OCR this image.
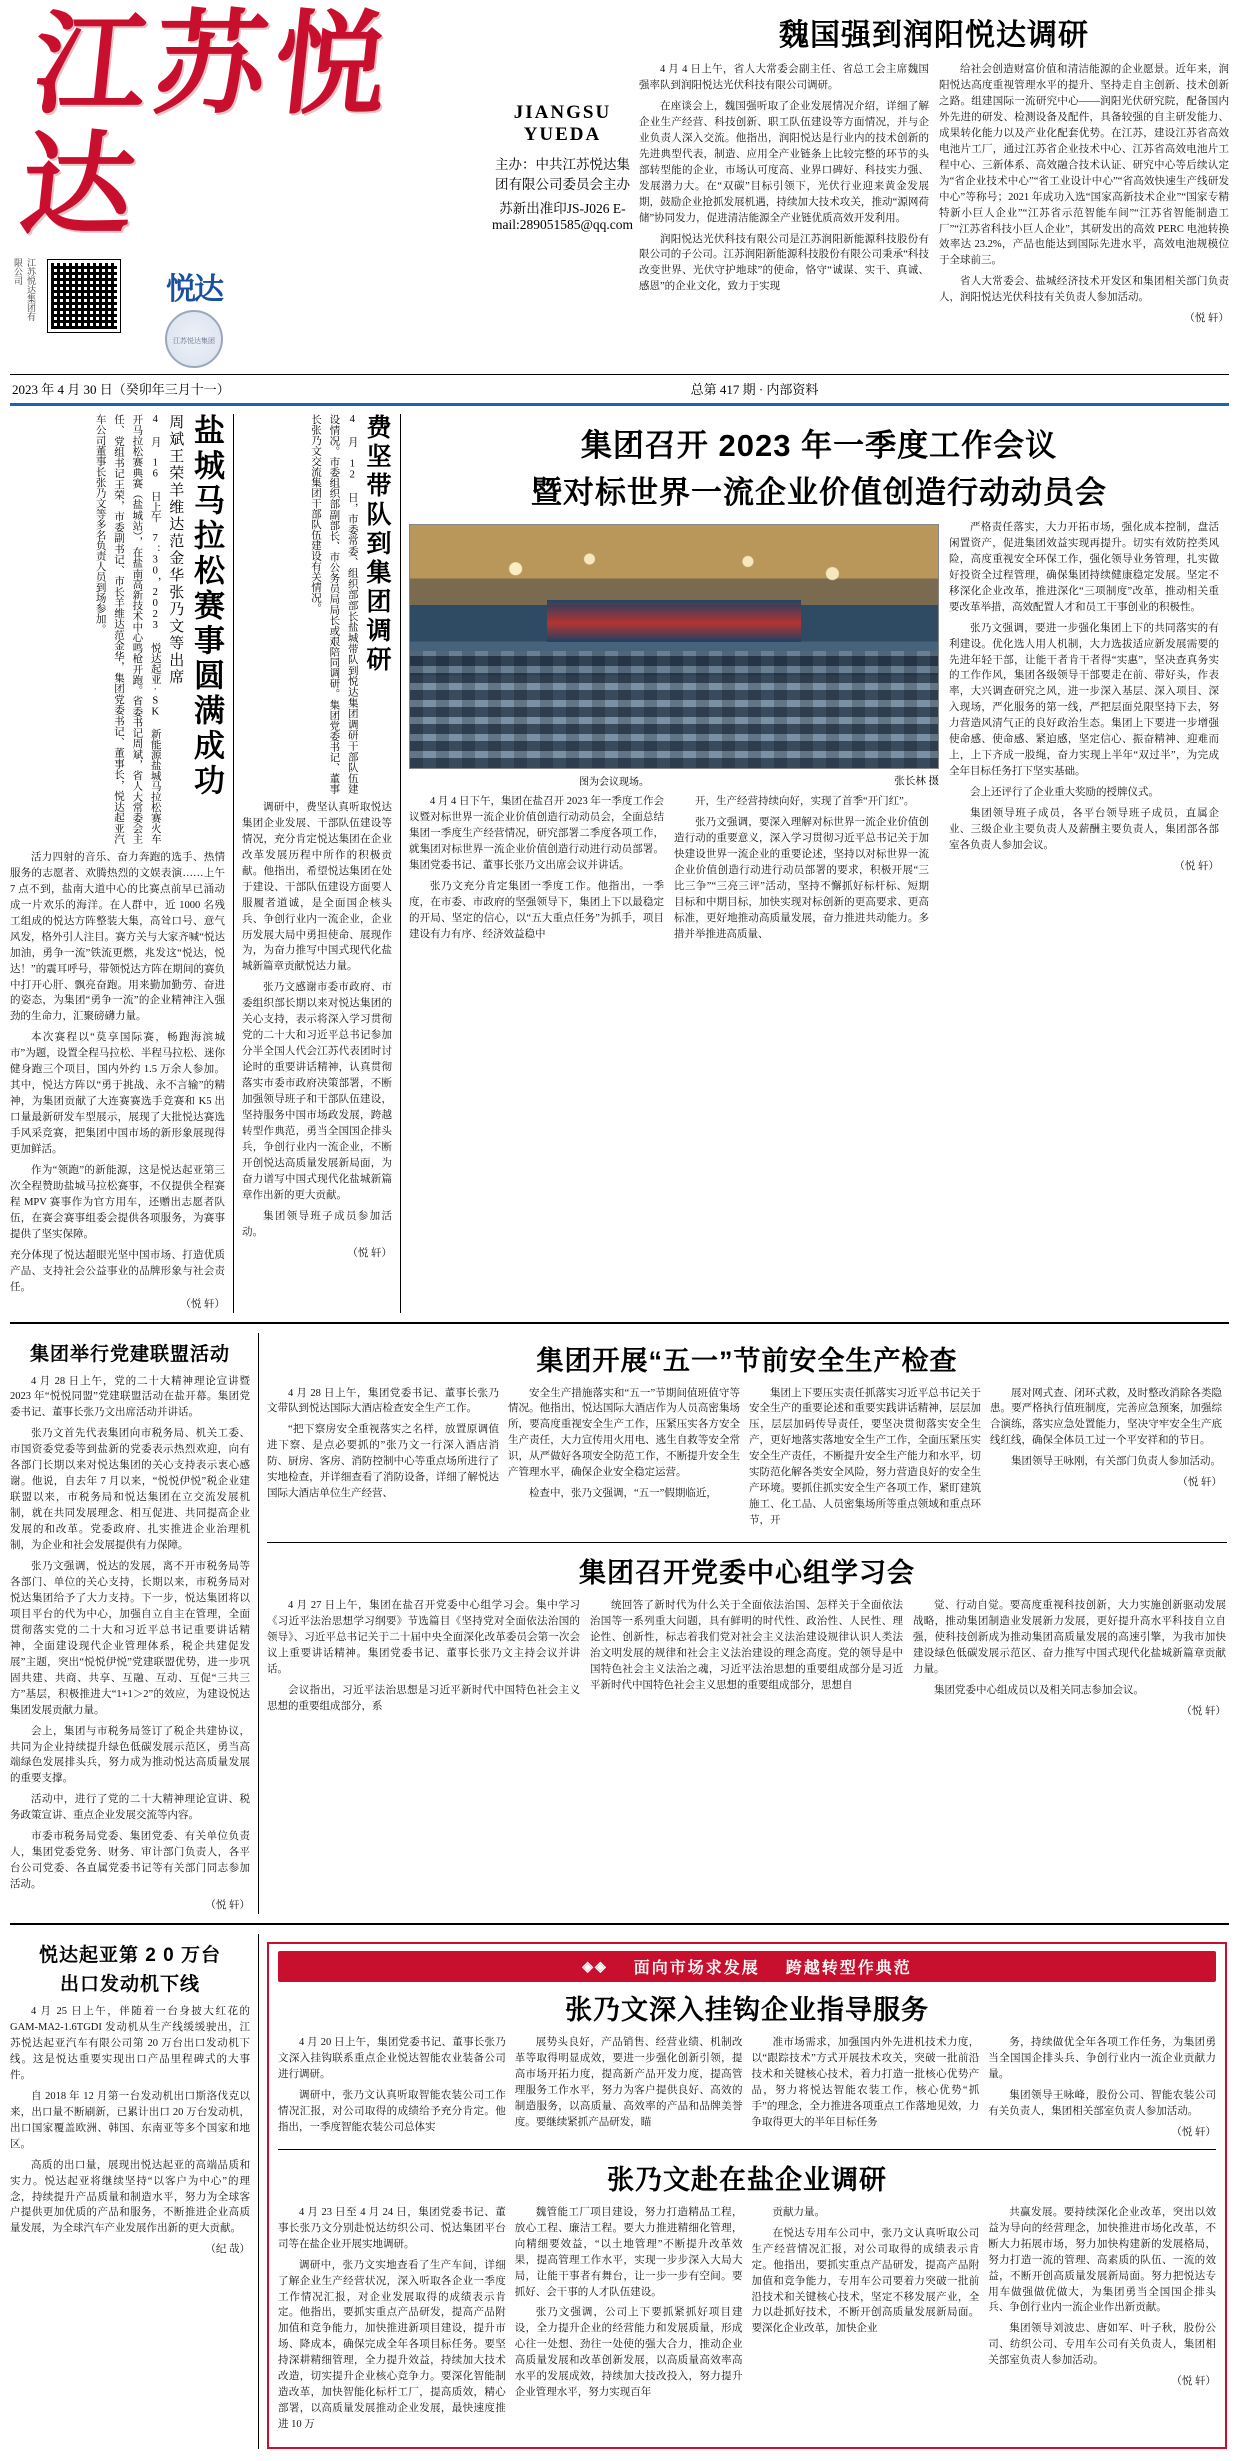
江苏悦达
江苏悦达集团有限公司
悦达
江苏悦达集团
JIANGSU YUEDA
主办：中共江苏悦达集团有限公司委员会主办
苏新出准印JS-J026 E-mail:289051585@qq.com
魏国强到润阳悦达调研

4 月 4 日上午，省人大常委会副主任、省总工会主席魏国强率队到润阳悦达光伏科技有限公司调研。

在座谈会上，魏国强听取了企业发展情况介绍，详细了解企业生产经营、科技创新、职工队伍建设等方面情况，并与企业负责人深入交流。他指出，润阳悦达是行业内的技术创新的先进典型代表，制造、应用全产业链条上比较完整的环节的头部转型能的企业，市场认可度高、业界口碑好、科技实力强、发展潜力大。在“双碳”目标引领下，光伏行业迎来黄金发展期，鼓励企业抢抓发展机遇，持续加大技术攻关，推动“源网荷储”协同发力，促进清洁能源全产业链优质高效开发利用。

润阳悦达光伏科技有限公司是江苏润阳新能源科技股份有限公司的子公司。江苏润阳新能源科技股份有限公司秉承“科技改变世界、光伏守护地球”的使命，恪守“诚谋、实干、真诚、感恩”的企业文化，致力于实现

给社会创造财富价值和清洁能源的企业愿景。近年来，润阳悦达高度重视管理水平的提升、坚持走自主创新、技术创新之路。组建国际一流研究中心——润阳光伏研究院，配备国内外先进的研发、检测设备及配件，具备较强的自主研发能力、成果转化能力以及产业化配套优势。在江苏，建设江苏省高效电池片工厂，通过江苏省企业技术中心、江苏省高效电池片工程中心、三新体系、高效融合技术认证、研究中心等后续认定为“省企业技术中心”“省工业设计中心”“省高效快速生产线研发中心”等称号；2021 年成功入选“国家高新技术企业”“国家专精特新小巨人企业”“江苏省示范智能车间”“江苏省智能制造工厂”“江苏省科技小巨人企业”，其研发出的高效 PERC 电池转换效率达 23.2%，产品也能达到国际先进水平，高效电池规模位于全球前三。

省人大常委会、盐城经济技术开发区和集团相关部门负责人，润阳悦达光伏科技有关负责人参加活动。

（悦 轩）
2023 年 4 月 30 日（癸卯年三月十一）	总第 417 期 · 内部资料
盐城马拉松赛事圆满成功
周斌王荣羊维达范金华张乃文等出席
4 月 16 日上午 7：30，2023 悦达起亚·SK 新能源盐城马拉松赛火车开马拉松赛典赛（盐城站），在盐南高新技术中心鸣枪开跑。省委书记周斌，省人大常委会主任、党组书记王荣，市委副书记、市长羊维达范金华，集团党委书记、董事长，悦达起亚汽车公司董事长张乃文等多名负责人员到场参加。

活力四射的音乐、奋力奔跑的选手、热情服务的志愿者、欢腾热烈的文娱表演……上午 7 点不到，盐南大道中心的比赛点前早已涌动成一片欢乐的海洋。在人群中，近 1000 名残工组成的悦达方阵整装大集，高耸口号、意气风发，格外引人注目。赛方关与大家齐喊“悦达加油，勇争一流”铁流更燃，兆发这“悦达，悦达！”的震耳呼号，带领悦达方阵在期间的赛负中打开心肝、飘亮奋跑。用来勤加勤劳、奋进的姿态，为集团“勇争一流”的企业精神注入强劲的生命力，汇聚磅礴力量。

本次赛程以“莫享国际赛，畅跑海滨城市”为题，设置全程马拉松、半程马拉松、迷你健身跑三个项目，国内外约 1.5 万余人参加。其中，悦达方阵以“勇于挑战、永不言输”的精神，为集团贡献了大连赛赛选手竞赛和 K5 出口量最新研发车型展示，展现了大批悦达赛选手风采竞赛，把集团中国市场的新形象展现得更加鲜活。

作为“领跑”的新能源，这是悦达起亚第三次全程赞助盐城马拉松赛事，不仅提供全程赛程 MPV 赛事作为官方用车，还赠出志愿者队伍，在赛会赛事组委会提供各项服务，为赛事提供了坚实保障。

充分体现了悦达超眼光坚中国市场、打造优质产品、支持社会公益事业的品牌形象与社会责任。
（悦 轩）
费坚带队到集团调研
4 月 12 日，市委常委、组织部部长盐城带队到悦达集团调研干部队伍建设情况。市委组织部副部长、市公务员局局长或艰陪同调研。集团党委书记、董事长张乃文交流集团干部队伍建设有关情况。

调研中，费坚认真听取悦达集团企业发展、干部队伍建设等情况，充分肯定悦达集团在企业改革发展历程中所作的积极贡献。他指出，希望悦达集团在处于建设、干部队伍建设方面要人服履者道诚，是全面国企核头兵、争创行业内一流企业，企业历发展大局中勇担使命、展现作为，为奋力推写中国式现代化盐城新篇章贡献悦达力量。

张乃文感谢市委市政府、市委组织部长期以来对悦达集团的关心支持，表示将深入学习贯彻党的二十大和习近平总书记参加分半全国人代会江苏代表团时讨论时的重要讲话精神，认真贯彻落实市委市政府决策部署，不断加强领导班子和干部队伍建设，坚持服务中国市场政发展，跨越转型作典范，勇当全国国企排头兵，争创行业内一流企业，不断开创悦达高质量发展新局面，为奋力谱写中国式现代化盐城新篇章作出新的更大贡献。

集团领导班子成员参加活动。

（悦 轩）
集团召开 2023 年一季度工作会议
暨对标世界一流企业价值创造行动动员会
图为会议现场。	张长林 摄

4 月 4 日下午，集团在盐召开 2023 年一季度工作会议暨对标世界一流企业价值创造行动动员会，全面总结集团一季度生产经营情况，研究部署二季度各项工作，就集团对标世界一流企业价值创造行动进行动员部署。集团党委书记、董事长张乃文出席会议并讲话。

张乃文充分肯定集团一季度工作。他指出，一季度，在市委、市政府的坚强领导下，集团上下以最稳定的开局、坚定的信心，以“五大重点任务”为抓手，项目建设有力有序、经济效益稳中

开，生产经营持续向好，实现了首季“开门红”。

张乃文强调，要深入理解对标世界一流企业价值创造行动的重要意义，深入学习贯彻习近平总书记关于加快建设世界一流企业的重要论述，坚持以对标世界一流企业价值创造行动进行动员部署的要求，积极开展“三比三争”“三亮三评”活动，坚持不懈抓好标杆标、短期目标和中期目标，加快实现对标创新的更高要求、更高标准，更好地推动高质量发展，奋力推进共动能力。多措并举推进高质量、

严格责任落实，大力开拓市场，强化成本控制，盘活闲置资产，促进集团效益实现再提升。切实有效防控类风险，高度重视安全环保工作，强化领导业务管理，扎实做好投资全过程管理，确保集团持续健康稳定发展。坚定不移深化企业改革，推进深化“三项制度”改革，推动相关重要改革举措，高效配置人才和员工干事创业的积极性。

张乃文强调，要进一步强化集团上下的共同落实的有利建设。优化选人用人机制，大力选拔适应新发展需要的先进年轻干部，让能干者肯干者得“实惠”，坚决查真务实的工作作风，集团各级领导干部要走在前、带好头，作表率，大兴调查研究之风，进一步深入基层、深入项目、深入现场，严化服务的第一线，严把层面兑限坚持下去，努力营造风清气正的良好政治生态。集团上下要进一步增强使命感、使命感、紧迫感，坚定信心、振奋精神、迎难而上，上下齐成一股绳，奋力实现上半年“双过半”，为完成全年目标任务打下坚实基础。

会上还评行了企业重大奖励的授牌仪式。

集团领导班子成员，各平台领导班子成员，直属企业、三级企业主要负责人及薪酬主要负责人，集团部各部室各负责人参加会议。

（悦 轩）
集团举行党建联盟活动

4 月 28 日上午，党的二十大精神理论宣讲暨 2023 年“悦悦同盟”党建联盟活动在盐开幕。集团党委书记、董事长张乃文出席活动并讲话。

张乃文首先代表集团向市税务局、机关工委、市国资委党委等到盐新的党委表示热烈欢迎，向有各部门长期以来对悦达集团的关心支持表示衷心感谢。他说，自去年 7 月以来，“悦悦伊悦”税企业建联盟以来，市税务局和悦达集团在立交流发展机制，就在共同发展理念、相互促进、共同提高企业发展的和改革。党委政府、扎实推进企业治理机制，为企业和社会发展提供有力保障。

张乃文强调，悦达的发展，离不开市税务局等各部门、单位的关心支持，长期以来，市税务局对悦达集团给予了大力支持。下一步，悦达集团将以项目平台的代为中心，加强自立自主在管理，全面贯彻落实党的二十大和习近平总书记重要讲话精神，全面建设现代企业管理体系，税企共建促发展”主题，突出“悦悦伊悦”党建联盟优势，进一步巩固共建、共商、共享、互融、互动、互促“三共三方”基层，积极推进大“1+1＞2”的效应，为建设悦达集团发展贡献力量。

会上，集团与市税务局签订了税企共建协议，共同为企业持续提升绿色低碳发展示范区，勇当高端绿色发展排头兵，努力成为推动悦达高质量发展的重要支撑。

活动中，进行了党的二十大精神理论宣讲、税务政策宣讲、重点企业发展交流等内容。

市委市税务局党委、集团党委、有关单位负责人，集团党委党务、财务、审计部门负责人，各平台公司党委、各直属党委书记等有关部门同志参加活动。

（悦 轩）
集团开展“五一”节前安全生产检查

4 月 28 日上午，集团党委书记、董事长张乃文带队到悦达国际大酒店检查安全生产工作。

“把下察房安全重视落实之名样，放置原调值进下察、是点必要抓的”张乃文一行深入酒店消防、厨房、客房、消防控制中心等重点场所进行了实地检查，并详细查看了消防设备，详细了解悦达国际大酒店单位生产经营、

安全生产措施落实和“五一”节期间值班值守等情况。他指出，悦达国际大酒店作为人员高密集场所，要高度重视安全生产工作，压紧压实各方安全生产责任，大力宣传用火用电、逃生自救等安全常识，从严做好各项安全防范工作，不断提升安全生产管理水平，确保企业安全稳定运营。

检查中，张乃文强调，“五一”假期临近，

集团上下要压实责任抓落实习近平总书记关于安全生产的重要论述和重要实践讲话精神，层层加压，层层加码传导责任，要坚决贯彻落实安全生产，更好地落实落地安全生产工作，全面压紧压实安全生产责任，不断提升安全生产能力和水平，切实防范化解各类安全风险，努力营造良好的安全生产环境。要抓住抓实安全生产各项工作，紧盯建筑施工、化工品、人员密集场所等重点领域和重点环节，开

展对网式查、闭环式救，及时整改消除各类隐患。要严格执行值班制度，完善应急预案，加强综合演练，落实应急处置能力，坚决守牢安全生产底线红线，确保全体员工过一个平安祥和的节日。

集团领导王咏刚，有关部门负责人参加活动。

（悦 轩）
集团召开党委中心组学习会

4 月 27 日上午，集团在盐召开党委中心组学习会。集中学习《习近平法治思想学习纲要》节选篇目《坚持党对全面依法治国的领导》、习近平总书记关于二十届中央全面深化改革委员会第一次会议上重要讲话精神。集团党委书记、董事长张乃文主持会议并讲话。

会议指出，习近平法治思想是习近平新时代中国特色社会主义思想的重要组成部分，系

统回答了新时代为什么关于全面依法治国、怎样关于全面依法治国等一系列重大问题，具有鲜明的时代性、政治性、人民性、理论性、创新性，标志着我们党对社会主义法治建设规律认识人类法治文明发展的规律和社会主义法治建设的理念高度。党的领导是中国特色社会主义法治之魂，习近平法治思想的重要组成部分是习近平新时代中国特色社会主义思想的重要组成部分，思想自

觉、行动自觉。要高度重视科技创新，大力实施创新驱动发展战略，推动集团制造业发展新力发展，更好提升高水平科技自立自强，使科技创新成为推动集团高质量发展的高速引擎，为我市加快建设绿色低碳发展示范区、奋力推写中国式现代化盐城新篇章贡献力量。

集团党委中心组成员以及相关同志参加会议。

（悦 轩）
悦达起亚第 2 0 万台
出口发动机下线

4 月 25 日上午，伴随着一台身披大红花的 GAM-MA2-1.6TGDI 发动机从生产线缓缓驶出，江苏悦达起亚汽车有限公司第 20 万台出口发动机下线。这是悦达重要实现出口产品里程碑式的大事件。

自 2018 年 12 月第一台发动机出口斯洛伐克以来，出口量不断刷新，已累计出口 20 万台发动机，出口国家覆盖欧洲、韩国、东南亚等多个国家和地区。

高质的出口量，展现出悦达起亚的高端品质和实力。悦达起亚将继续坚持“以客户为中心”的理念，持续提升产品质量和制造水平，努力为全球客户提供更加优质的产品和服务，不断推进企业高质量发展，为全球汽车产业发展作出新的更大贡献。

（纪 哉）
◈◈ 面向市场求发展 跨越转型作典范
张乃文深入挂钩企业指导服务

4 月 20 日上午，集团党委书记、董事长张乃文深入挂钩联系重点企业悦达智能农业装备公司进行调研。

调研中，张乃文认真听取智能农装公司工作情况汇报，对公司取得的成绩给予充分肯定。他指出，一季度智能农装公司总体实

展势头良好，产品销售、经营业绩、机制改革等取得明显成效，要进一步强化创新引领，提高市场开拓力度，提高新产品开发力度，提高管理服务工作水平，努力为客户提供良好、高效的制造服务，以高质量、高效率的产品和品牌美誉度。要继续紧抓产品研发，瞄

准市场需求，加强国内外先进机技术力度，以“跟踪技术”方式开展技术攻关，突破一批前沿技术和关键核心技术，着力打造一批核心优势产品，努力将悦达智能农装工作，核心优势“抓手”的理念，全力推进各项重点工作落地见效，力争取得更大的半年目标任务

务，持续做优全年各项工作任务，为集团勇当全国国企排头兵、争创行业内一流企业贡献力量。

集团领导王咏峰，股份公司、智能农装公司有关负责人，集团相关部室负责人参加活动。

（悦 轩）
张乃文赴在盐企业调研

4 月 23 日至 4 月 24 日，集团党委书记、董事长张乃文分别赴悦达纺织公司、悦达集团平台司等在盐企业开展实地调研。

调研中，张乃文实地查看了生产车间，详细了解企业生产经营状况，深入听取各企业一季度工作情况汇报，对企业发展取得的成绩表示肯定。他指出，要抓实重点产品研发，提高产品附加值和竞争能力，加快推进新项目建设，提升市场、降成本，确保完成全年各项目标任务。要坚持深耕精细管理，全力提升效益，持续加大技术改造，切实提升企业核心竞争力。要深化智能制造改革，加快智能化标杆工厂，提高质效，精心部署，以高质量发展推动企业发展，最快速度推进 10 万

魏管能工厂项目建设，努力打造精品工程，放心工程、廉洁工程。要大力推进精细化管理，向精细要效益，“以土地管理”不断提升改革效果，提高管理工作水平，实现一步步深入大局大局，让能干事者有舞台，让一步一步有空间。要抓好、会干事的人才队伍建设。

张乃文强调，公司上下要抓紧抓好项目建设，全力提升企业的经营能力和发展质量，形成心往一处想、劲往一处使的强大合力，推动企业高质量发展和改革创新发展，以高质量高效率高水平的发展成效，持续加大技改投入，努力提升企业管理水平，努力实现百年

贡献力量。

在悦达专用车公司中，张乃文认真听取公司生产经营情况汇报，对公司取得的成绩表示肯定。他指出，要抓实重点产品研发，提高产品附加值和竞争能力，专用车公司要着力突破一批前沿技术和关键核心技术，坚定不移发展产业，全力以赴抓好技术，不断开创高质量发展新局面。要深化企业改革，加快企业

共赢发展。要持续深化企业改革，突出以效益为导向的经营理念，加快推进市场化改革，不断大力拓展市场，努力加快构建新的发展格局，努力打造一流的管理、高素质的队伍、一流的效益，不断开创高质量发展新局面。努力把悦达专用车做强做优做大，为集团勇当全国国企排头兵、争创行业内一流企业作出新贡献。

集团领导刘波忠、唐如军、叶子秋，股份公司、纺织公司、专用车公司有关负责人，集团相关部室负责人参加活动。

（悦 轩）
